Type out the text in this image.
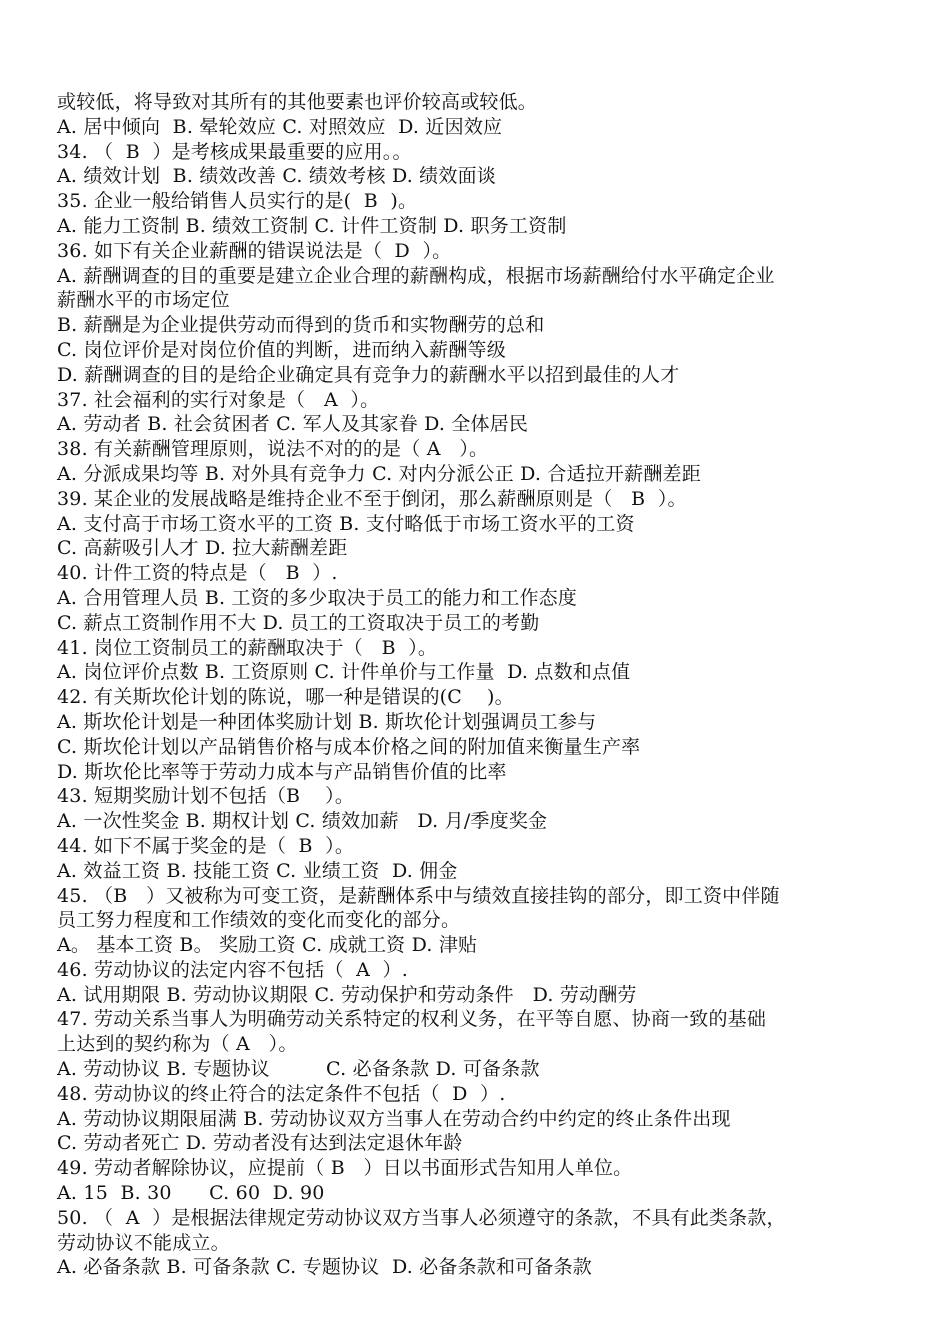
或较低，将导致对其所有的其他要素也评价较高或较低。
A. 居中倾向  B. 晕轮效应 C. 对照效应  D. 近因效应
34. （  B  ）是考核成果最重要的应用。。
A. 绩效计划  B. 绩效改善 C. 绩效考核 D. 绩效面谈
35. 企业一般给销售人员实行的是(  B  )。
A. 能力工资制 B. 绩效工资制 C. 计件工资制 D. 职务工资制
36. 如下有关企业薪酬的错误说法是（  D  ）。
A. 薪酬调查的目的重要是建立企业合理的薪酬构成，根据市场薪酬给付水平确定企业
薪酬水平的市场定位
B. 薪酬是为企业提供劳动而得到的货币和实物酬劳的总和
C. 岗位评价是对岗位价值的判断，进而纳入薪酬等级
D. 薪酬调查的目的是给企业确定具有竞争力的薪酬水平以招到最佳的人才
37. 社会福利的实行对象是（   A  ）。
A. 劳动者 B. 社会贫困者 C. 军人及其家眷 D. 全体居民
38. 有关薪酬管理原则，说法不对的的是（ A   ）。
A. 分派成果均等 B. 对外具有竞争力 C. 对内分派公正 D. 合适拉开薪酬差距
39. 某企业的发展战略是维持企业不至于倒闭，那么薪酬原则是（   B  ）。
A. 支付高于市场工资水平的工资 B. 支付略低于市场工资水平的工资
C. 高薪吸引人才 D. 拉大薪酬差距
40. 计件工资的特点是（   B  ）.
A. 合用管理人员 B. 工资的多少取决于员工的能力和工作态度
C. 薪点工资制作用不大 D. 员工的工资取决于员工的考勤
41. 岗位工资制员工的薪酬取决于（   B  ）。
A. 岗位评价点数 B. 工资原则 C. 计件单价与工作量  D. 点数和点值
42. 有关斯坎伦计划的陈说，哪一种是错误的(C    )。
A. 斯坎伦计划是一种团体奖励计划 B. 斯坎伦计划强调员工参与
C. 斯坎伦计划以产品销售价格与成本价格之间的附加值来衡量生产率
D. 斯坎伦比率等于劳动力成本与产品销售价值的比率
43. 短期奖励计划不包括（B    ）。
A. 一次性奖金 B. 期权计划 C. 绩效加薪   D. 月/季度奖金
44. 如下不属于奖金的是（  B  ）。
A. 效益工资 B. 技能工资 C. 业绩工资  D. 佣金
45. （B   ）又被称为可变工资，是薪酬体系中与绩效直接挂钩的部分，即工资中伴随
员工努力程度和工作绩效的变化而变化的部分。
A。 基本工资 B。 奖励工资 C. 成就工资 D. 津贴
46. 劳动协议的法定内容不包括（  A  ）.
A. 试用期限 B. 劳动协议期限 C. 劳动保护和劳动条件   D. 劳动酬劳
47. 劳动关系当事人为明确劳动关系特定的权利义务，在平等自愿、协商一致的基础
上达到的契约称为（ A   ）。
A. 劳动协议 B. 专题协议         C. 必备条款 D. 可备条款
48. 劳动协议的终止符合的法定条件不包括（  D  ）.
A. 劳动协议期限届满 B. 劳动协议双方当事人在劳动合约中约定的终止条件出现
C. 劳动者死亡 D. 劳动者没有达到法定退休年龄
49. 劳动者解除协议，应提前（ B   ）日以书面形式告知用人单位。
A. 15  B. 30      C. 60  D. 90
50. （  A  ）是根据法律规定劳动协议双方当事人必须遵守的条款，不具有此类条款，
劳动协议不能成立。
A. 必备条款 B. 可备条款 C. 专题协议  D. 必备条款和可备条款
